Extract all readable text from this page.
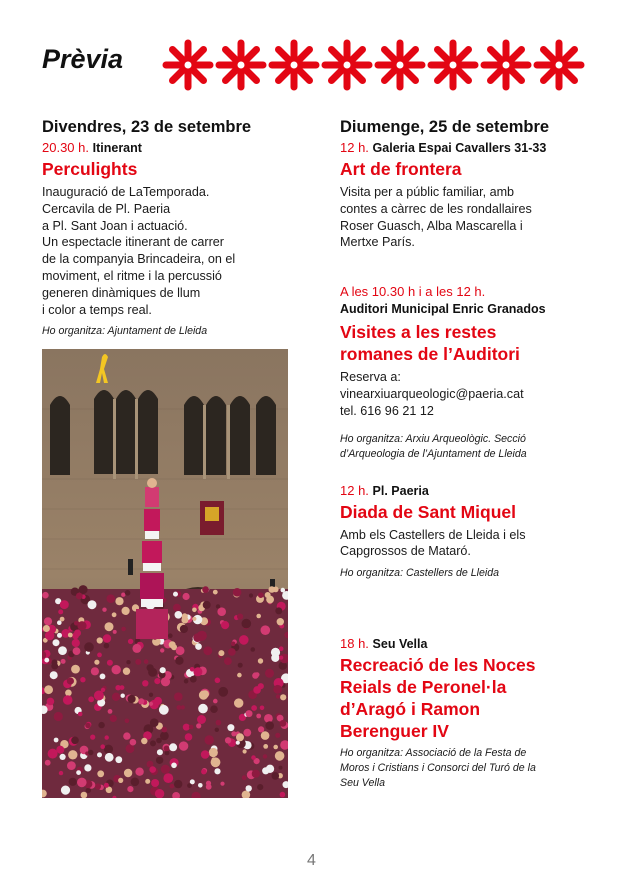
Prèvia
Divendres, 23 de setembre
20.30 h. Itinerant
Perculights

Inauguració de LaTemporada.
Cercavila de Pl. Paeria
a Pl. Sant Joan i actuació.
Un espectacle itinerant de carrer
de la companyia Brincadeira, on el
moviment, el ritme i la percussió
generen dinàmiques de llum
i color a temps real.

Ho organitza: Ajuntament de Lleida

Diumenge, 25 de setembre
12 h. Galeria Espai Cavallers 31-33
Art de frontera

Visita per a públic familiar, amb
contes a càrrec de les rondallaires
Roser Guasch, Alba Mascarella i
Mertxe París.

A les 10.30 h i a les 12 h.
Auditori Municipal Enric Granados
Visites a les restes
romanes de l’Auditori

Reserva a:
vinearxiuarqueologic@paeria.cat
tel. 616 96 21 12

Ho organitza: Arxiu Arqueològic. Secció
d’Arqueologia de l’Ajuntament de Lleida

12 h. Pl. Paeria
Diada de Sant Miquel

Amb els Castellers de Lleida i els
Capgrossos de Mataró.

Ho organitza: Castellers de Lleida

18 h. Seu Vella
Recreació de les Noces
Reials de Peronel·la
d’Aragó i Ramon
Berenguer IV

Ho organitza: Associació de la Festa de
Moros i Cristians i Consorci del Turó de la
Seu Vella

4
